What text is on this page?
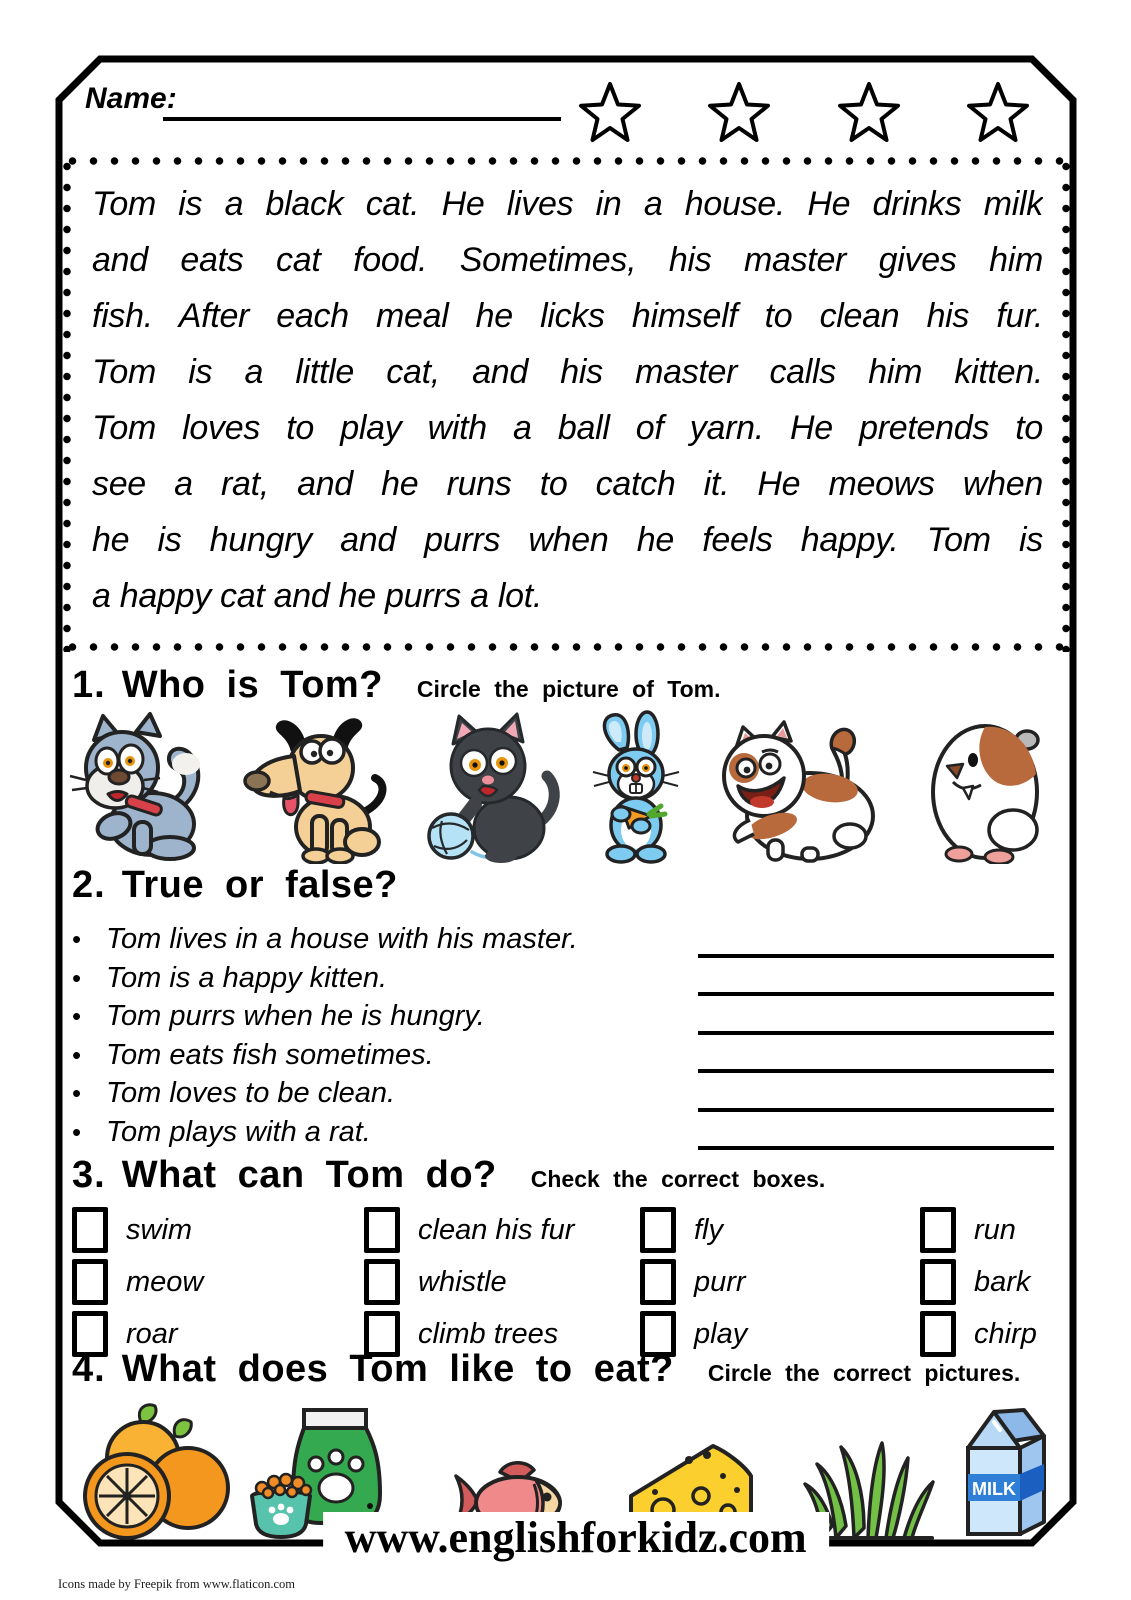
Name:
Tom is a black cat. He lives in a house. He drinks milk
and eats cat food. Sometimes, his master gives him
fish. After each meal he licks himself to clean his fur.
Tom is a little cat, and his master calls him kitten.
Tom loves to play with a ball of yarn. He pretends to
see a rat, and he runs to catch it. He meows when
he is hungry and purrs when he feels happy. Tom is
a happy cat and he purrs a lot.
1. Who is Tom? Circle the picture of Tom.
2. True or false?
• Tom lives in a house with his master.
• Tom is a happy kitten.
• Tom purrs when he is hungry.
• Tom eats fish sometimes.
• Tom loves to be clean.
• Tom plays with a rat.
3. What can Tom do? Check the correct boxes.
swim	clean his fur	fly	run
meow	whistle	purr	bark
roar	climb trees	play	chirp
4. What does Tom like to eat? Circle the correct pictures.
MILK
www.englishforkidz.com
Icons made by Freepik from www.flaticon.com
